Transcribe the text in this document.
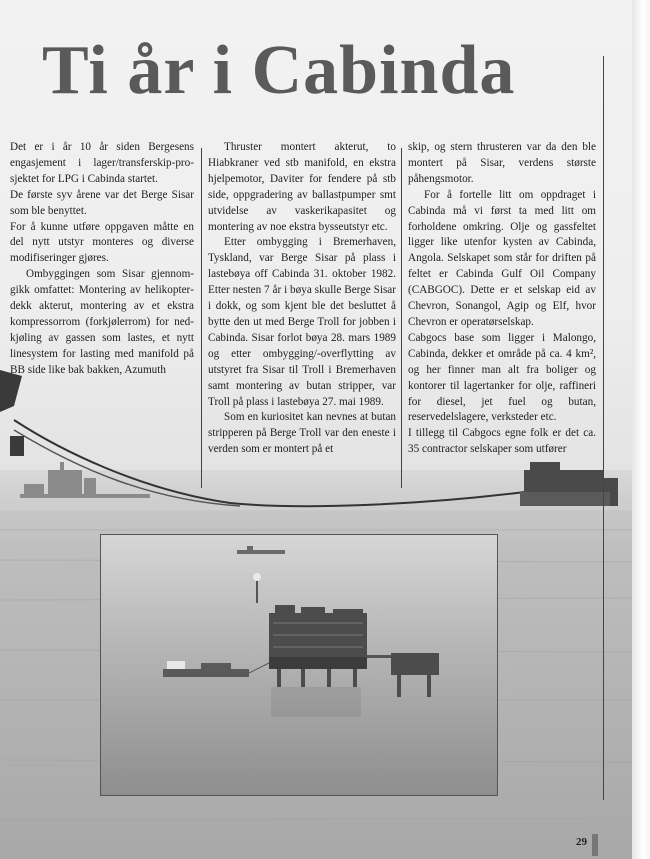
Ti år i Cabinda

Det er i år 10 år siden Bergesens engasjement i lager/transferskip-prosjektet for LPG i Cabinda startet.

De første syv årene var det Berge Sisar som ble benyttet.

For å kunne utføre oppgaven måtte en del nytt utstyr monteres og diverse modifiseringer gjøres.

Ombyggingen som Sisar gjennomgikk omfattet: Montering av helikopterdekk akterut, montering av et ekstra kompressorrom (forkjølerrom) for nedkjøling av gassen som lastes, et nytt linesystem for lasting med manifold på BB side like bak bakken, Azumuth

Thruster montert akterut, to Hiabkraner ved stb manifold, en ekstra hjelpemotor, Daviter for fendere på stb side, oppgradering av ballastpumper smt utvidelse av vaskerikapasitet og montering av noe ekstra bysseutstyr etc.

Etter ombygging i Bremerhaven, Tyskland, var Berge Sisar på plass i lastebøya off Cabinda 31. oktober 1982. Etter nesten 7 år i bøya skulle Berge Sisar i dokk, og som kjent ble det besluttet å bytte den ut med Berge Troll for jobben i Cabinda. Sisar forlot bøya 28. mars 1989 og etter ombygging/-overflytting av utstyret fra Sisar til Troll i Bremerhaven samt montering av butan stripper, var Troll på plass i lastebøya 27. mai 1989.

Som en kuriositet kan nevnes at butan stripperen på Berge Troll var den eneste i verden som er montert på et

skip, og stern thrusteren var da den ble montert på Sisar, verdens største påhengsmotor.

For å fortelle litt om oppdraget i Cabinda må vi først ta med litt om forholdene omkring. Olje og gassfeltet ligger like utenfor kysten av Cabinda, Angola. Selskapet som står for driften på feltet er Cabinda Gulf Oil Company (CABGOC). Dette er et selskap eid av Chevron, Sonangol, Agip og Elf, hvor Chevron er operatørselskap.

Cabgocs base som ligger i Malongo, Cabinda, dekker et område på ca. 4 km², og her finner man alt fra boliger og kontorer til lagertanker for olje, raffineri for diesel, jet fuel og butan, reservedelslagere, verksteder etc.

I tillegg til Cabgocs egne folk er det ca. 35 contractor selskaper som utfører

29
